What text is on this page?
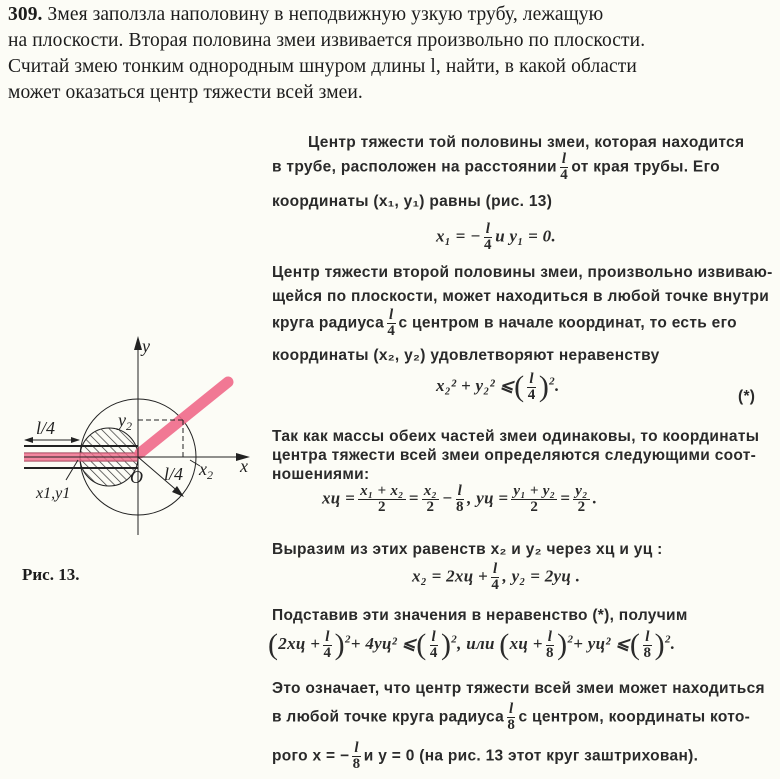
309. Змея заползла наполовину в неподвижную узкую трубу, лежащую
на плоскости. Вторая половина змеи извивается произвольно по плоскости.
Считай змею тонким однородным шнуром длины l, найти, в какой области
может оказаться центр тяжести всей змеи.
y
x
O
l/4
l/4
$y_2$
$x_2$
x1,y1
Рис. 13.
Центр тяжести той половины змеи, которая находится
в трубе, расположен на расстоянии $\frac{l}{4}$ от края трубы. Его
координаты (x₁, y₁) равны (рис. 13)
x₁ = − $\frac{l}{4}$ и y₁ = 0.
Центр тяжести второй половины змеи, произвольно извиваю-
щейся по плоскости, может находиться в любой точке внутри
круга радиуса $\frac{l}{4}$ с центром в начале координат, то есть его
координаты (x₂, y₂) удовлетворяют неравенству
x₂² + y₂² ⩽( $\frac{l}{4} )^2$.
(*)
Так как массы обеих частей змеи одинаковы, то координаты
центра тяжести всей змеи определяются следующими соот-
ношениями:
xц = $\frac{\text{x₁ + x₂}}{2} = \frac{\text{x₂}}{2} - \frac{l}{8}$ , yц = $\frac{\text{y₁ + y₂}}{2} = \frac{\text{y₂}}{2}$ .
Выразим из этих равенств x₂ и y₂ через xц и yц :
$x_2 = 2xц + \frac{l}{4}$ , y₂ = 2yц .
Подставив эти значения в неравенство (*), получим
$(2xц + \frac{l}{4} )^2+ 4yц^2$ ⩽( $\frac{l}{4} )^2$, или $(xц + \frac{l}{8} )^2+ yц^2$ ⩽( $\frac{l}{8} )^2$.
Это означает, что центр тяжести всей змеи может находиться
в любой точке круга радиуса $\frac{l}{8}$ с центром, координаты кото-
рого x = − $\frac{l}{8}$ и y = 0 (на рис. 13 этот круг заштрихован).
